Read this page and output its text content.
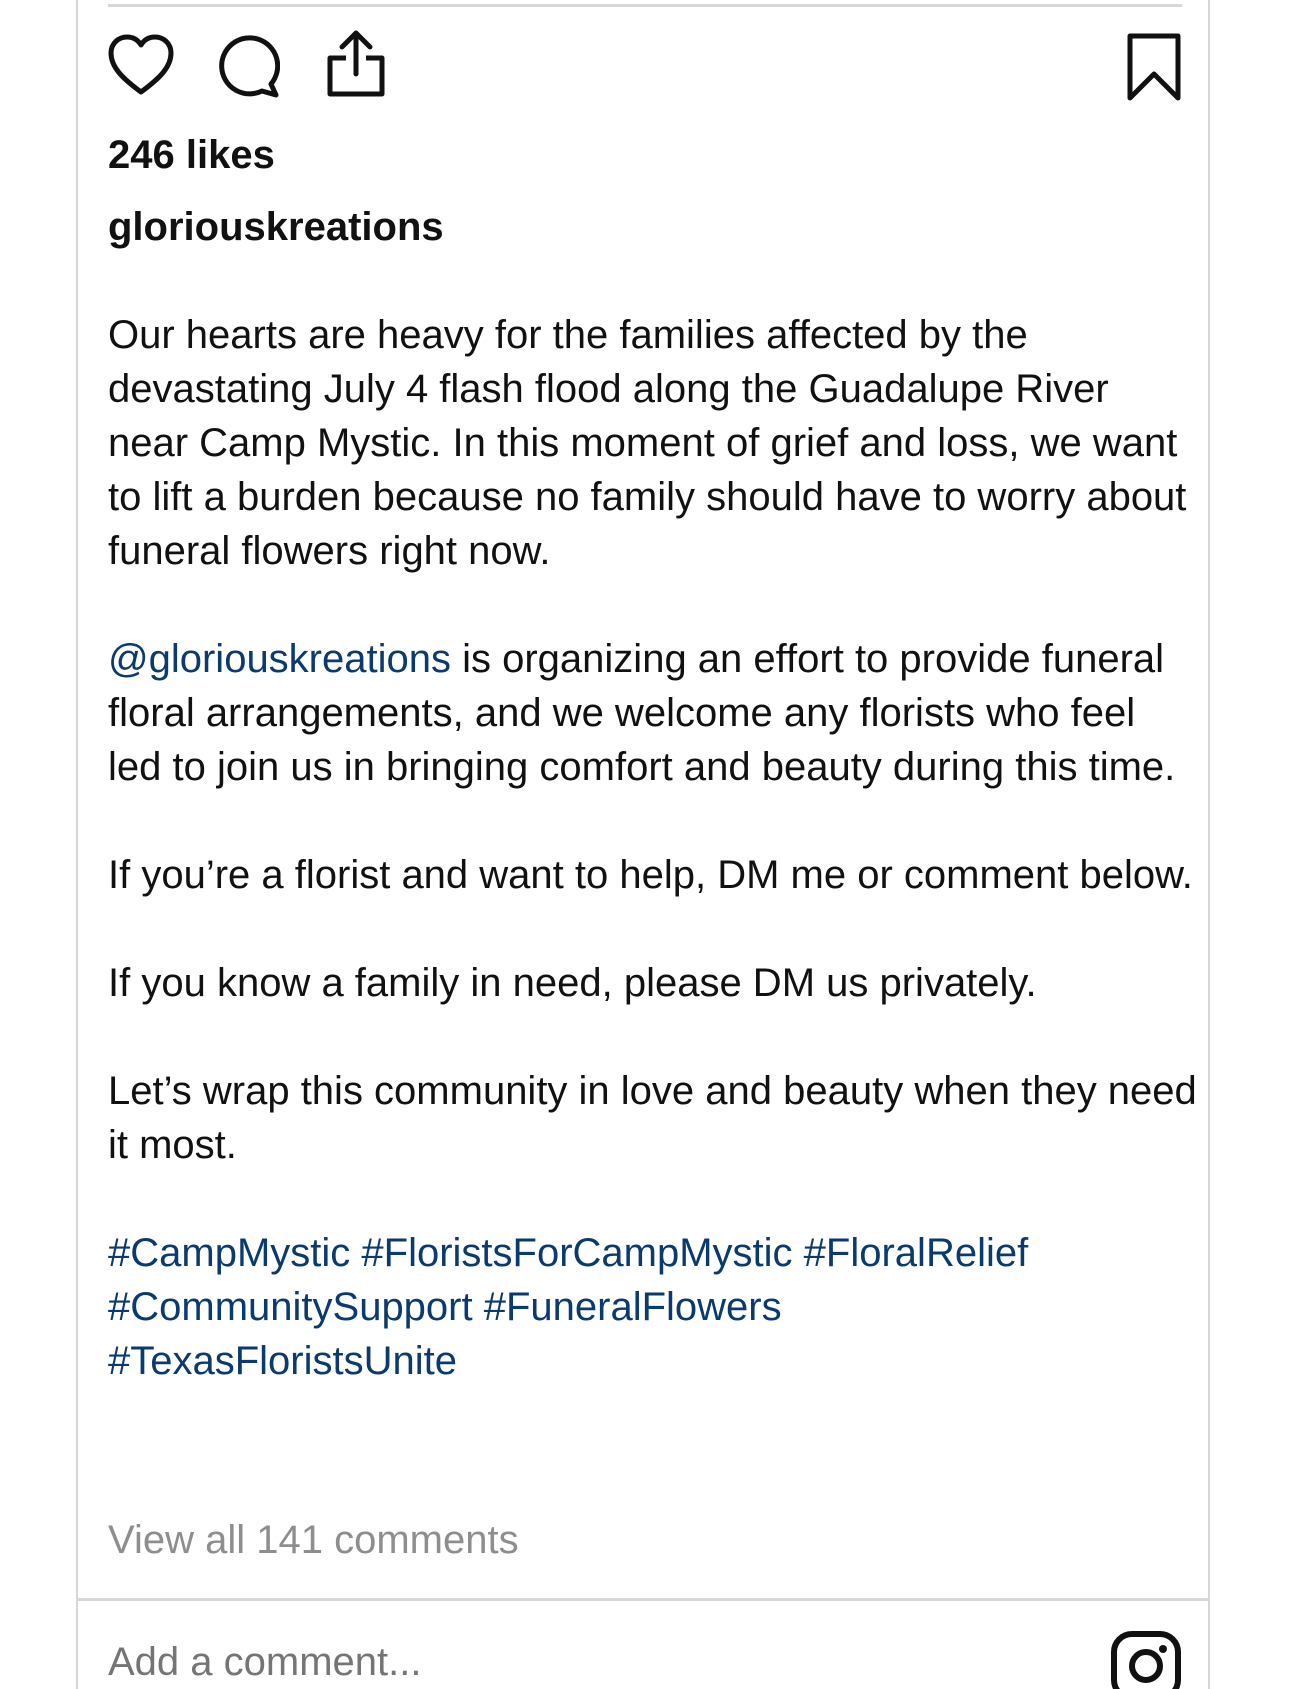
246 likes
gloriouskreations

Our hearts are heavy for the families affected by the devastating July 4 flash flood along the Guadalupe River near Camp Mystic. In this moment of grief and loss, we want to lift a burden because no family should have to worry about funeral flowers right now.

@gloriouskreations is organizing an effort to provide funeral floral arrangements, and we welcome any florists who feel led to join us in bringing comfort and beauty during this time.

If you’re a florist and want to help, DM me or comment below.

If you know a family in need, please DM us privately.

Let’s wrap this community in love and beauty when they need it most.

#CampMystic #FloristsForCampMystic #FloralRelief
#CommunitySupport #FuneralFlowers
#TexasFloristsUnite

View all 141 comments
Add a comment...
